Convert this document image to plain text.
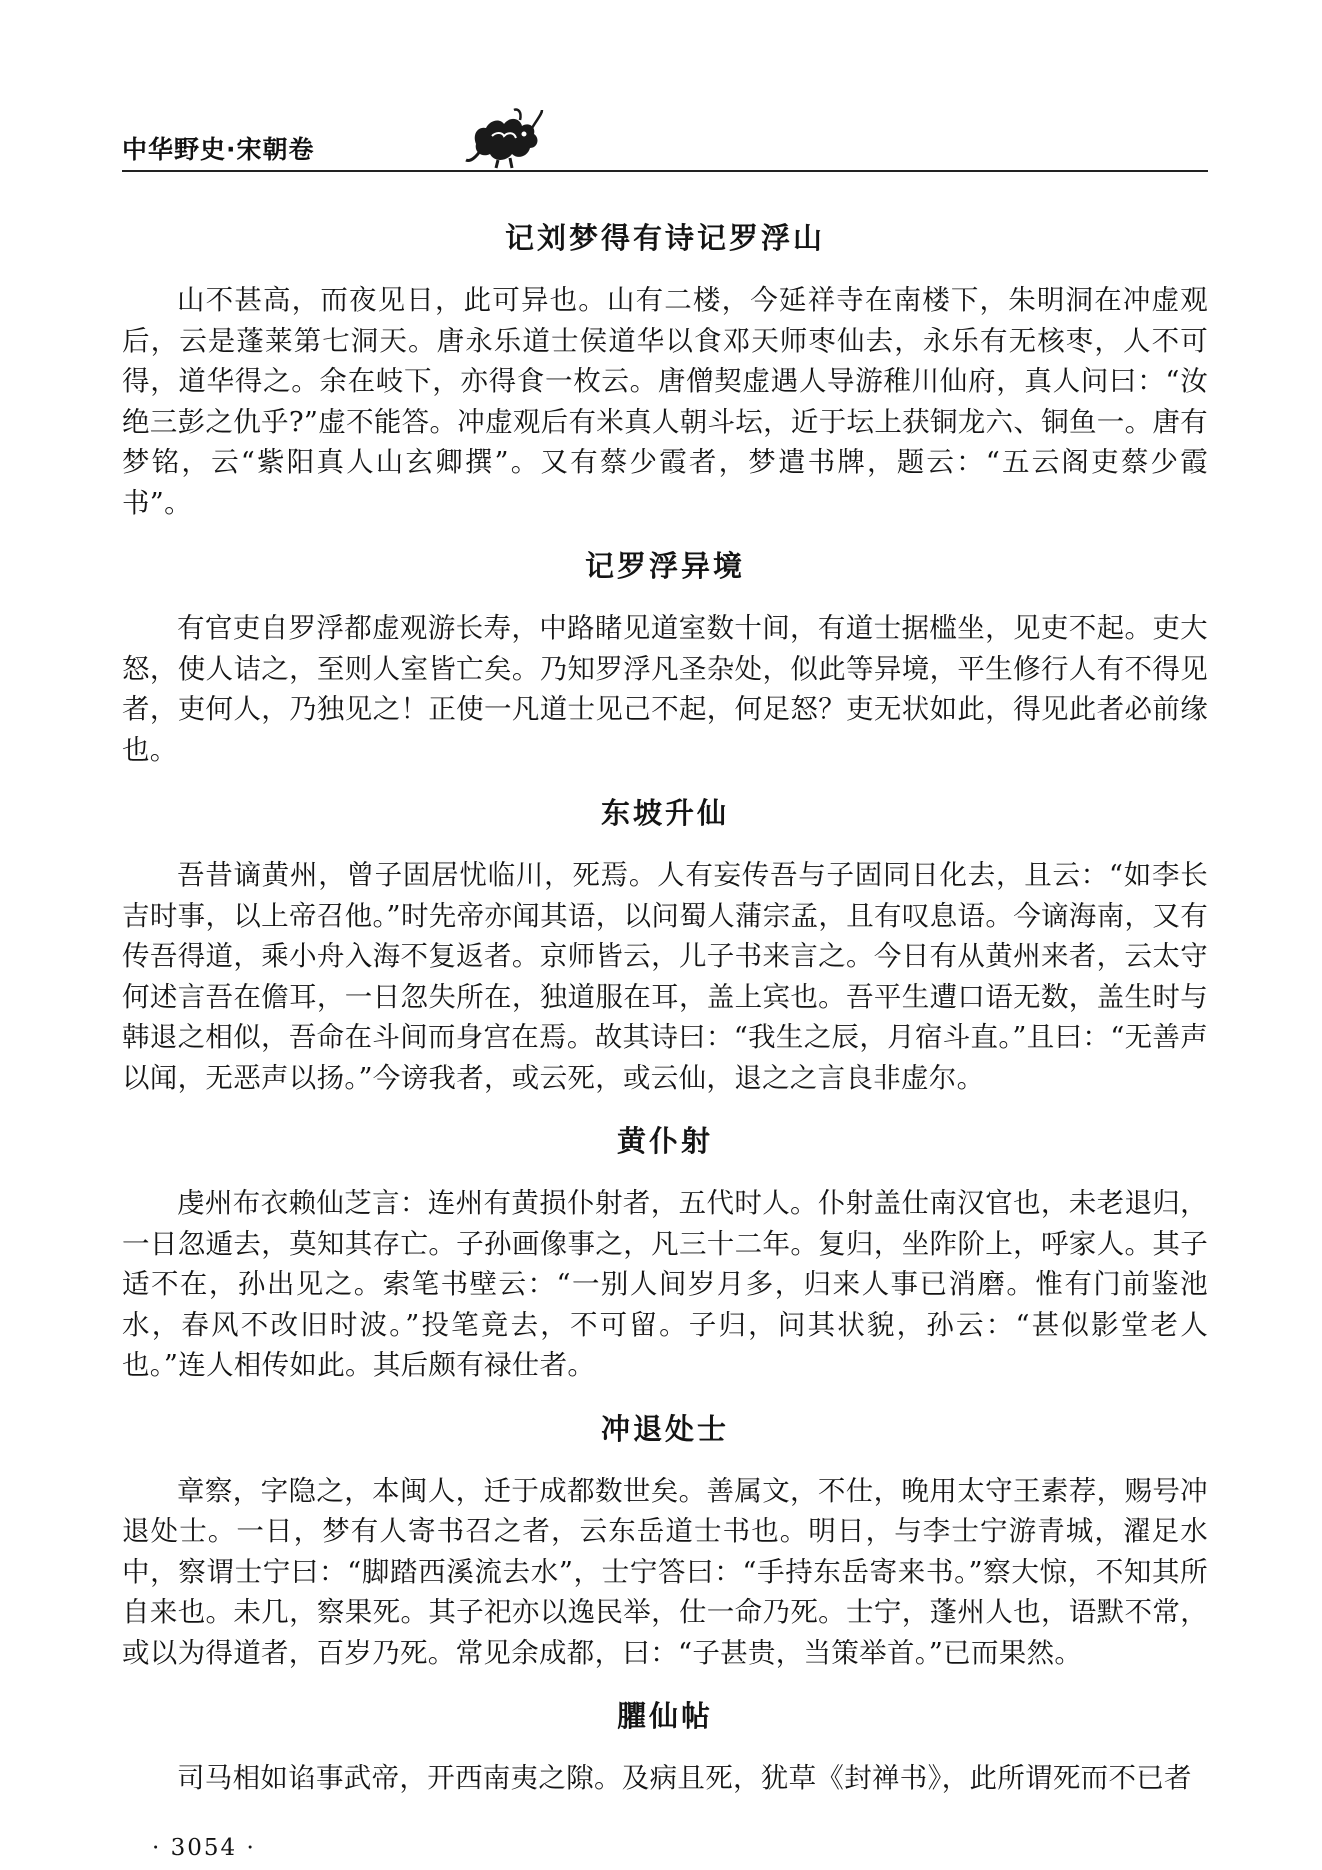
中华野史·宋朝卷
记刘梦得有诗记罗浮山

山不甚高，而夜见日，此可异也。山有二楼，今延祥寺在南楼下，朱明洞在冲虚观后，云是蓬莱第七洞天。唐永乐道士侯道华以食邓天师枣仙去，永乐有无核枣，人不可得，道华得之。余在岐下，亦得食一枚云。唐僧契虚遇人导游稚川仙府，真人问曰：“汝绝三彭之仇乎?”虚不能答。冲虚观后有米真人朝斗坛，近于坛上获铜龙六、铜鱼一。唐有梦铭，云“紫阳真人山玄卿撰”。又有蔡少霞者，梦遣书牌，题云：“五云阁吏蔡少霞书”。

记罗浮异境

有官吏自罗浮都虚观游长寿，中路睹见道室数十间，有道士据槛坐，见吏不起。吏大怒，使人诘之，至则人室皆亡矣。乃知罗浮凡圣杂处，似此等异境，平生修行人有不得见者，吏何人，乃独见之！正使一凡道士见己不起，何足怒？吏无状如此，得见此者必前缘也。

东坡升仙

吾昔谪黄州，曾子固居忧临川，死焉。人有妄传吾与子固同日化去，且云：“如李长吉时事，以上帝召他。”时先帝亦闻其语，以问蜀人蒲宗孟，且有叹息语。今谪海南，又有传吾得道，乘小舟入海不复返者。京师皆云，儿子书来言之。今日有从黄州来者，云太守何述言吾在儋耳，一日忽失所在，独道服在耳，盖上宾也。吾平生遭口语无数，盖生时与韩退之相似，吾命在斗间而身宫在焉。故其诗曰：“我生之辰，月宿斗直。”且曰：“无善声以闻，无恶声以扬。”今谤我者，或云死，或云仙，退之之言良非虚尔。

黄仆射

虔州布衣赖仙芝言：连州有黄损仆射者，五代时人。仆射盖仕南汉官也，未老退归，一日忽遁去，莫知其存亡。子孙画像事之，凡三十二年。复归，坐阼阶上，呼家人。其子适不在，孙出见之。索笔书壁云：“一别人间岁月多，归来人事已消磨。惟有门前鉴池水，春风不改旧时波。”投笔竟去，不可留。子归，问其状貌，孙云：“甚似影堂老人也。”连人相传如此。其后颇有禄仕者。

冲退处士

章察，字隐之，本闽人，迁于成都数世矣。善属文，不仕，晚用太守王素荐，赐号冲退处士。一日，梦有人寄书召之者，云东岳道士书也。明日，与李士宁游青城，濯足水中，察谓士宁曰：“脚踏西溪流去水”，士宁答曰：“手持东岳寄来书。”察大惊，不知其所自来也。未几，察果死。其子祀亦以逸民举，仕一命乃死。士宁，蓬州人也，语默不常，或以为得道者，百岁乃死。常见余成都，曰：“子甚贵，当策举首。”已而果然。

臞仙帖

司马相如谄事武帝，开西南夷之隙。及病且死，犹草《封禅书》，此所谓死而不已者

· 3054 ·
